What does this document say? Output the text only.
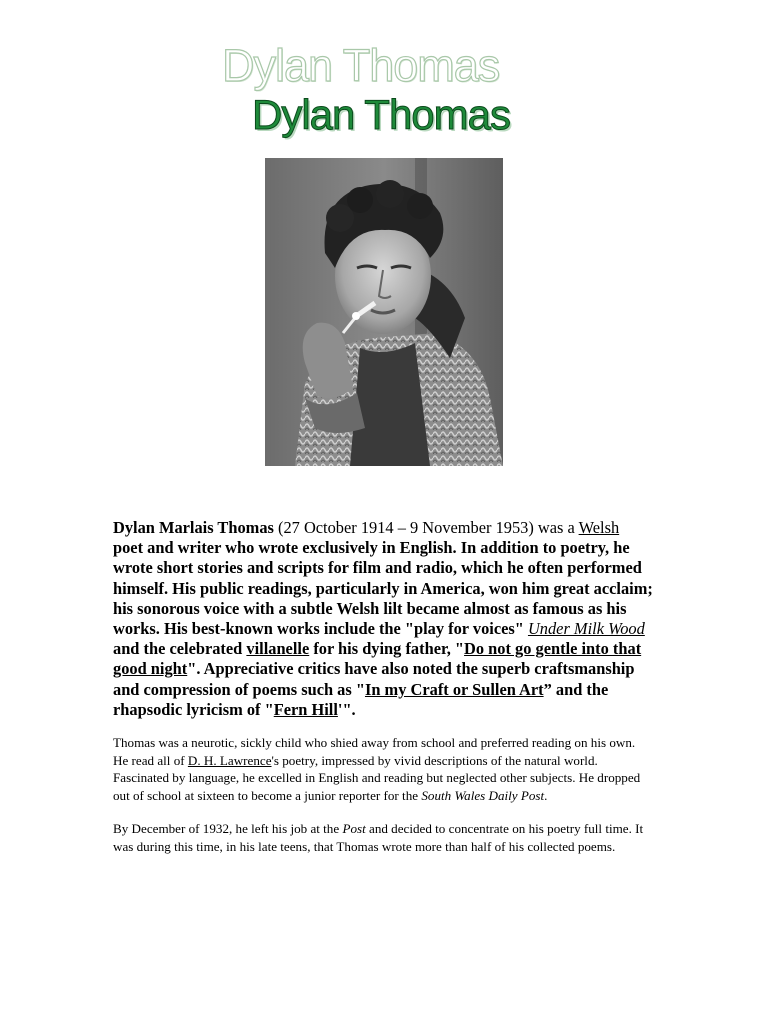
Dylan Thomas
Dylan Thomas

Dylan Marlais Thomas (27 October 1914 – 9 November 1953) was a Welsh poet and writer who wrote exclusively in English. In addition to poetry, he wrote short stories and scripts for film and radio, which he often performed himself. His public readings, particularly in America, won him great acclaim; his sonorous voice with a subtle Welsh lilt became almost as famous as his works. His best-known works include the "play for voices" Under Milk Wood and the celebrated villanelle for his dying father, "Do not go gentle into that good night". Appreciative critics have also noted the superb craftsmanship and compression of poems such as "In my Craft or Sullen Art” and the rhapsodic lyricism of "Fern Hill'".

Thomas was a neurotic, sickly child who shied away from school and preferred reading on his own. He read all of D. H. Lawrence's poetry, impressed by vivid descriptions of the natural world. Fascinated by language, he excelled in English and reading but neglected other subjects. He dropped out of school at sixteen to become a junior reporter for the South Wales Daily Post.

By December of 1932, he left his job at the Post and decided to concentrate on his poetry full time. It was during this time, in his late teens, that Thomas wrote more than half of his collected poems.
